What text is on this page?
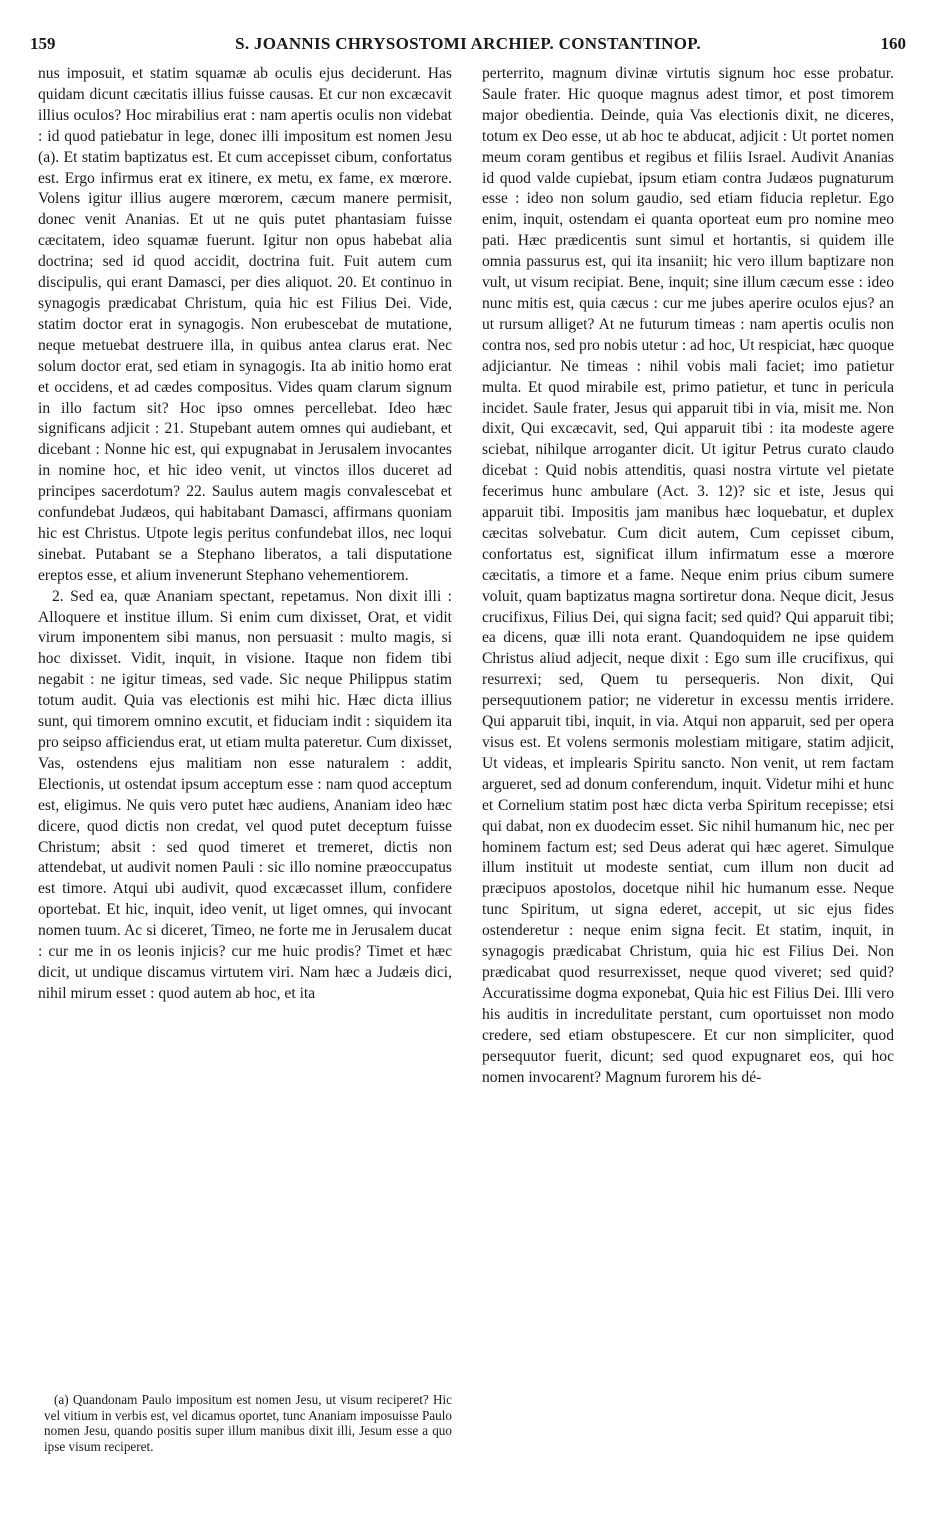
159	S. JOANNIS CHRYSOSTOMI ARCHIEP. CONSTANTINOP.	160

nus imposuit, et statim squamæ ab oculis ejus deciderunt. Has quidam dicunt cæcitatis illius fuisse causas. Et cur non excæcavit illius oculos? Hoc mirabilius erat : nam apertis oculis non videbat : id quod patiebatur in lege, donec illi impositum est nomen Jesu (a). Et statim baptizatus est. Et cum accepisset cibum, confortatus est. Ergo infirmus erat ex itinere, ex metu, ex fame, ex mœrore. Volens igitur illius augere mœrorem, cæcum manere permisit, donec venit Ananias. Et ut ne quis putet phantasiam fuisse cæcitatem, ideo squamæ fuerunt. Igitur non opus habebat alia doctrina; sed id quod accidit, doctrina fuit. Fuit autem cum discipulis, qui erant Damasci, per dies aliquot. 20. Et continuo in synagogis prædicabat Christum, quia hic est Filius Dei. Vide, statim doctor erat in synagogis. Non erubescebat de mutatione, neque metuebat destruere illa, in quibus antea clarus erat. Nec solum doctor erat, sed etiam in synagogis. Ita ab initio homo erat et occidens, et ad cædes compositus. Vides quam clarum signum in illo factum sit? Hoc ipso omnes percellebat. Ideo hæc significans adjicit : 21. Stupebant autem omnes qui audiebant, et dicebant : Nonne hic est, qui expugnabat in Jerusalem invocantes in nomine hoc, et hic ideo venit, ut vinctos illos duceret ad principes sacerdotum? 22. Saulus autem magis convalescebat et confundebat Judæos, qui habitabant Damasci, affirmans quoniam hic est Christus. Utpote legis peritus confundebat illos, nec loqui sinebat. Putabant se a Stephano liberatos, a tali disputatione ereptos esse, et alium invenerunt Stephano vehementiorem.

2. Sed ea, quæ Ananiam spectant, repetamus. Non dixit illi : Alloquere et institue illum. Si enim cum dixisset, Orat, et vidit virum imponentem sibi manus, non persuasit : multo magis, si hoc dixisset. Vidit, inquit, in visione. Itaque non fidem tibi negabit : ne igitur timeas, sed vade. Sic neque Philippus statim totum audit. Quia vas electionis est mihi hic. Hæc dicta illius sunt, qui timorem omnino excutit, et fiduciam indit : siquidem ita pro seipso afficiendus erat, ut etiam multa pateretur. Cum dixisset, Vas, ostendens ejus malitiam non esse naturalem : addit, Electionis, ut ostendat ipsum acceptum esse : nam quod acceptum est, eligimus. Ne quis vero putet hæc audiens, Ananiam ideo hæc dicere, quod dictis non credat, vel quod putet deceptum fuisse Christum; absit : sed quod timeret et tremeret, dictis non attendebat, ut audivit nomen Pauli : sic illo nomine præoccupatus est timore. Atqui ubi audivit, quod excæcasset illum, confidere oportebat. Et hic, inquit, ideo venit, ut liget omnes, qui invocant nomen tuum. Ac si diceret, Timeo, ne forte me in Jerusalem ducat : cur me in os leonis injicis? cur me huic prodis? Timet et hæc dicit, ut undique discamus virtutem viri. Nam hæc a Judæis dici, nihil mirum esset : quod autem ab hoc, et ita

perterrito, magnum divinæ virtutis signum hoc esse probatur. Saule frater. Hic quoque magnus adest timor, et post timorem major obedientia. Deinde, quia Vas electionis dixit, ne diceres, totum ex Deo esse, ut ab hoc te abducat, adjicit : Ut portet nomen meum coram gentibus et regibus et filiis Israel. Audivit Ananias id quod valde cupiebat, ipsum etiam contra Judæos pugnaturum esse : ideo non solum gaudio, sed etiam fiducia repletur. Ego enim, inquit, ostendam ei quanta oporteat eum pro nomine meo pati. Hæc prædicentis sunt simul et hortantis, si quidem ille omnia passurus est, qui ita insaniit; hic vero illum baptizare non vult, ut visum recipiat. Bene, inquit; sine illum cæcum esse : ideo nunc mitis est, quia cæcus : cur me jubes aperire oculos ejus? an ut rursum alliget? At ne futurum timeas : nam apertis oculis non contra nos, sed pro nobis utetur : ad hoc, Ut respiciat, hæc quoque adjiciantur. Ne timeas : nihil vobis mali faciet; imo patietur multa. Et quod mirabile est, primo patietur, et tunc in pericula incidet. Saule frater, Jesus qui apparuit tibi in via, misit me. Non dixit, Qui excæcavit, sed, Qui apparuit tibi : ita modeste agere sciebat, nihilque arroganter dicit. Ut igitur Petrus curato claudo dicebat : Quid nobis attenditis, quasi nostra virtute vel pietate fecerimus hunc ambulare (Act. 3. 12)? sic et iste, Jesus qui apparuit tibi. Impositis jam manibus hæc loquebatur, et duplex cæcitas solvebatur. Cum dicit autem, Cum cepisset cibum, confortatus est, significat illum infirmatum esse a mœrore cæcitatis, a timore et a fame. Neque enim prius cibum sumere voluit, quam baptizatus magna sortiretur dona. Neque dicit, Jesus crucifixus, Filius Dei, qui signa facit; sed quid? Qui apparuit tibi; ea dicens, quæ illi nota erant. Quandoquidem ne ipse quidem Christus aliud adjecit, neque dixit : Ego sum ille crucifixus, qui resurrexi; sed, Quem tu persequeris. Non dixit, Qui persequutionem patior; ne videretur in excessu mentis irridere. Qui apparuit tibi, inquit, in via. Atqui non apparuit, sed per opera visus est. Et volens sermonis molestiam mitigare, statim adjicit, Ut videas, et implearis Spiritu sancto. Non venit, ut rem factam argueret, sed ad donum conferendum, inquit. Videtur mihi et hunc et Cornelium statim post hæc dicta verba Spiritum recepisse; etsi qui dabat, non ex duodecim esset. Sic nihil humanum hic, nec per hominem factum est; sed Deus aderat qui hæc ageret. Simulque illum instituit ut modeste sentiat, cum illum non ducit ad præcipuos apostolos, docetque nihil hic humanum esse. Neque tunc Spiritum, ut signa ederet, accepit, ut sic ejus fides ostenderetur : neque enim signa fecit. Et statim, inquit, in synagogis prædicabat Christum, quia hic est Filius Dei. Non prædicabat quod resurrexisset, neque quod viveret; sed quid? Accuratissime dogma exponebat, Quia hic est Filius Dei. Illi vero his auditis in incredulitate perstant, cum oportuisset non modo credere, sed etiam obstupescere. Et cur non simpliciter, quod persequutor fuerit, dicunt; sed quod expugnaret eos, qui hoc nomen invocarent? Magnum furorem his dé-

(a) Quandonam Paulo impositum est nomen Jesu, ut visum reciperet? Hic vel vitium in verbis est, vel dicamus oportet, tunc Ananiam imposuisse Paulo nomen Jesu, quando positis super illum manibus dixit illi, Jesum esse a quo ipse visum reciperet.
